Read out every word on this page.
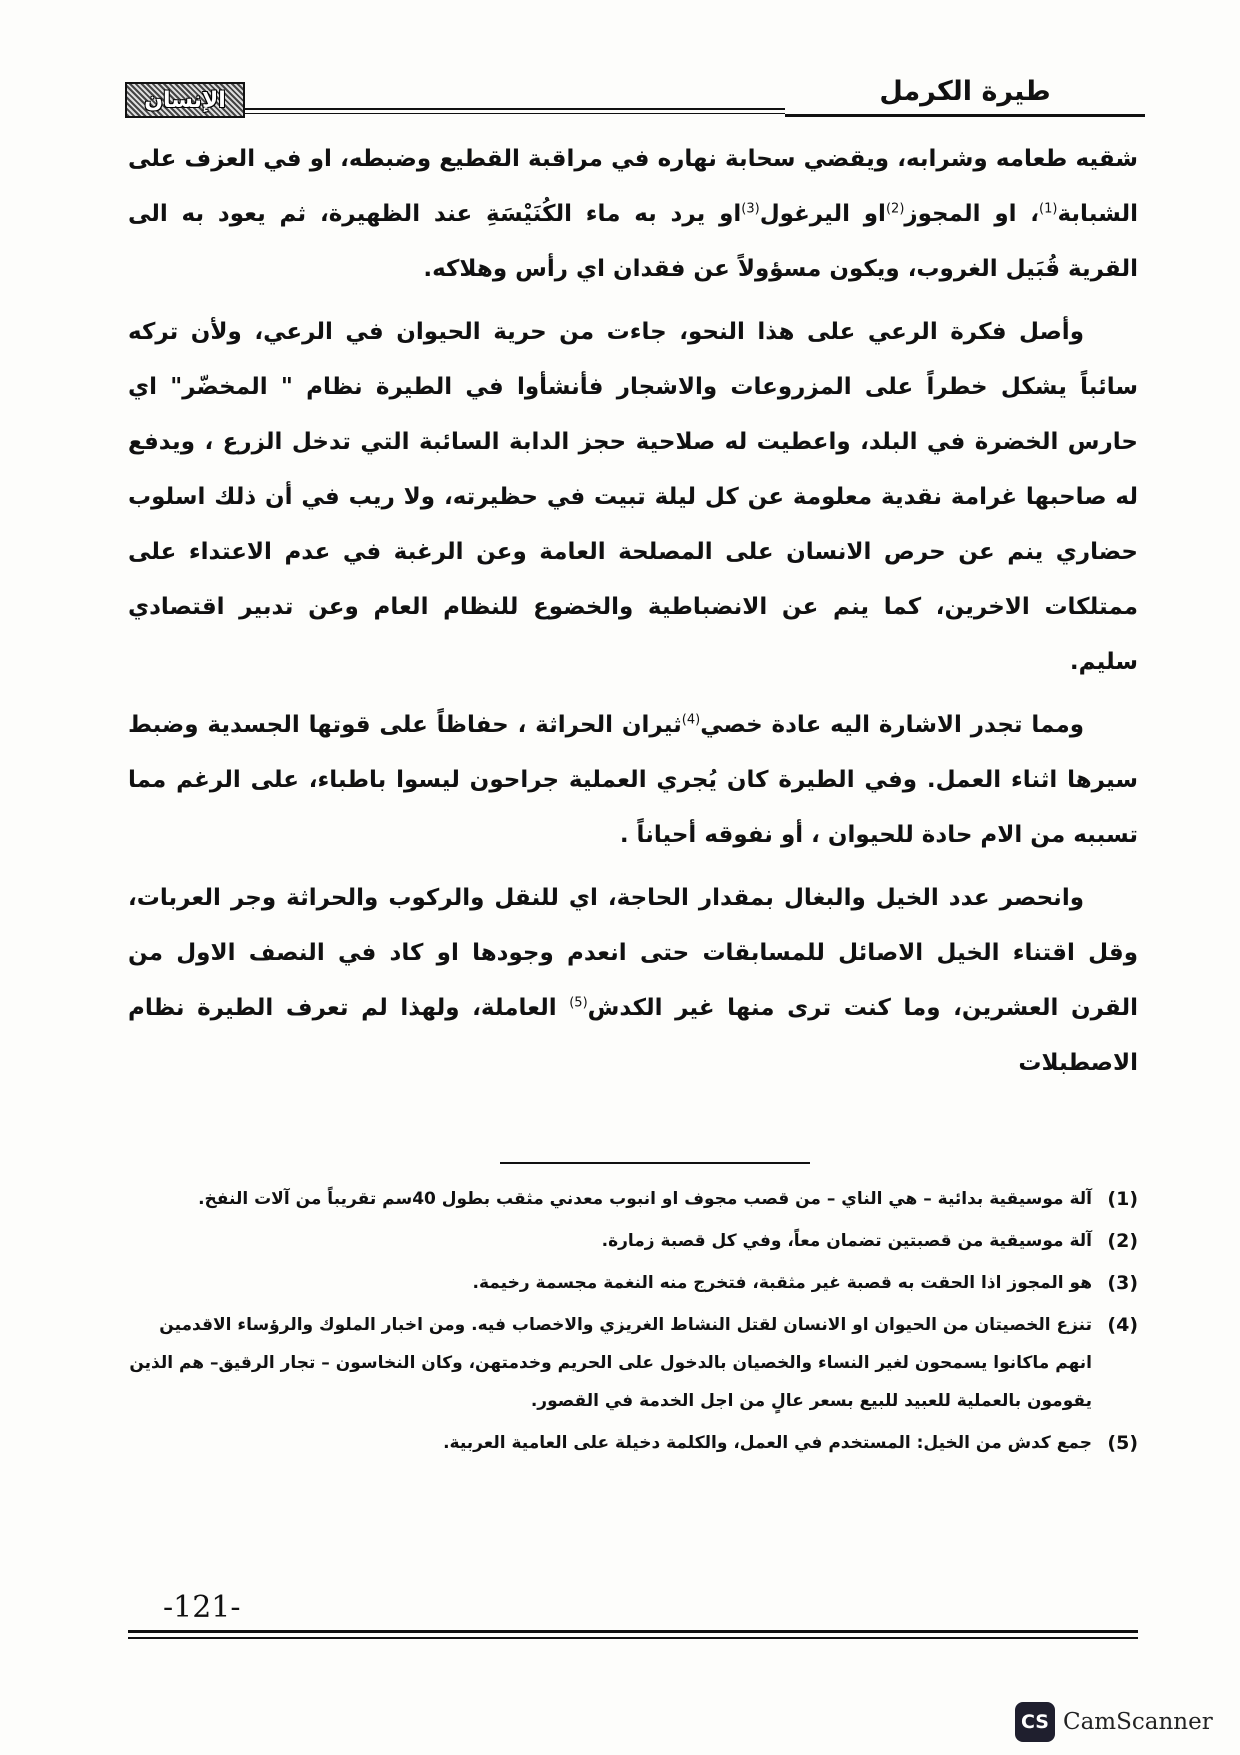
الإنسان	طيرة الكرمل

شقيه طعامه وشرابه، ويقضي سحابة نهاره في مراقبة القطيع وضبطه، او في العزف على الشبابة$^{(1)}$، او المجوز$^{(2)}$او اليرغول$^{(3)}$او يرد به ماء الكُنَيْسَةِ عند الظهيرة، ثم يعود به الى القرية قُبَيل الغروب، ويكون مسؤولاً عن فقدان اي رأس وهلاكه.

وأصل فكرة الرعي على هذا النحو، جاءت من حرية الحيوان في الرعي، ولأن تركه سائباً يشكل خطراً على المزروعات والاشجار فأنشأوا في الطيرة نظام " المخضّر" اي حارس الخضرة في البلد، واعطيت له صلاحية حجز الدابة السائبة التي تدخل الزرع ، ويدفع له صاحبها غرامة نقدية معلومة عن كل ليلة تبيت في حظيرته، ولا ريب في أن ذلك اسلوب حضاري ينم عن حرص الانسان على المصلحة العامة وعن الرغبة في عدم الاعتداء على ممتلكات الاخرين، كما ينم عن الانضباطية والخضوع للنظام العام وعن تدبير اقتصادي سليم.

ومما تجدر الاشارة اليه عادة خصي$^{(4)}$ثيران الحراثة ، حفاظاً على قوتها الجسدية وضبط سيرها اثناء العمل. وفي الطيرة كان يُجري العملية جراحون ليسوا باطباء، على الرغم مما تسببه من الام حادة للحيوان ، أو نفوقه أحياناً .

وانحصر عدد الخيل والبغال بمقدار الحاجة، اي للنقل والركوب والحراثة وجر العربات، وقل اقتناء الخيل الاصائل للمسابقات حتى انعدم وجودها او كاد في النصف الاول من القرن العشرين، وما كنت ترى منها غير الكدش$^{(5)}$ العاملة، ولهذا لم تعرف الطيرة نظام الاصطبلات

(1)
آلة موسيقية بدائية – هي الناي – من قصب مجوف او انبوب معدني مثقب بطول 40سم تقريباً من آلات النفخ.
(2)
آلة موسيقية من قصبتين تضمان معاً، وفي كل قصبة زمارة.
(3)
هو المجوز اذا الحقت به قصبة غير مثقبة، فتخرج منه النغمة مجسمة رخيمة.
(4)
تنزع الخصيتان من الحيوان او الانسان لقتل النشاط الغريزي والاخصاب فيه. ومن اخبار الملوك والرؤساء الاقدمين انهم ماكانوا يسمحون لغير النساء والخصيان بالدخول على الحريم وخدمتهن، وكان النخاسون – تجار الرقيق– هم الذين يقومون بالعملية للعبيد للبيع بسعر عالٍ من اجل الخدمة في القصور.
(5)
جمع كدش من الخيل: المستخدم في العمل، والكلمة دخيلة على العامية العربية.
-121-
CS CamScanner
